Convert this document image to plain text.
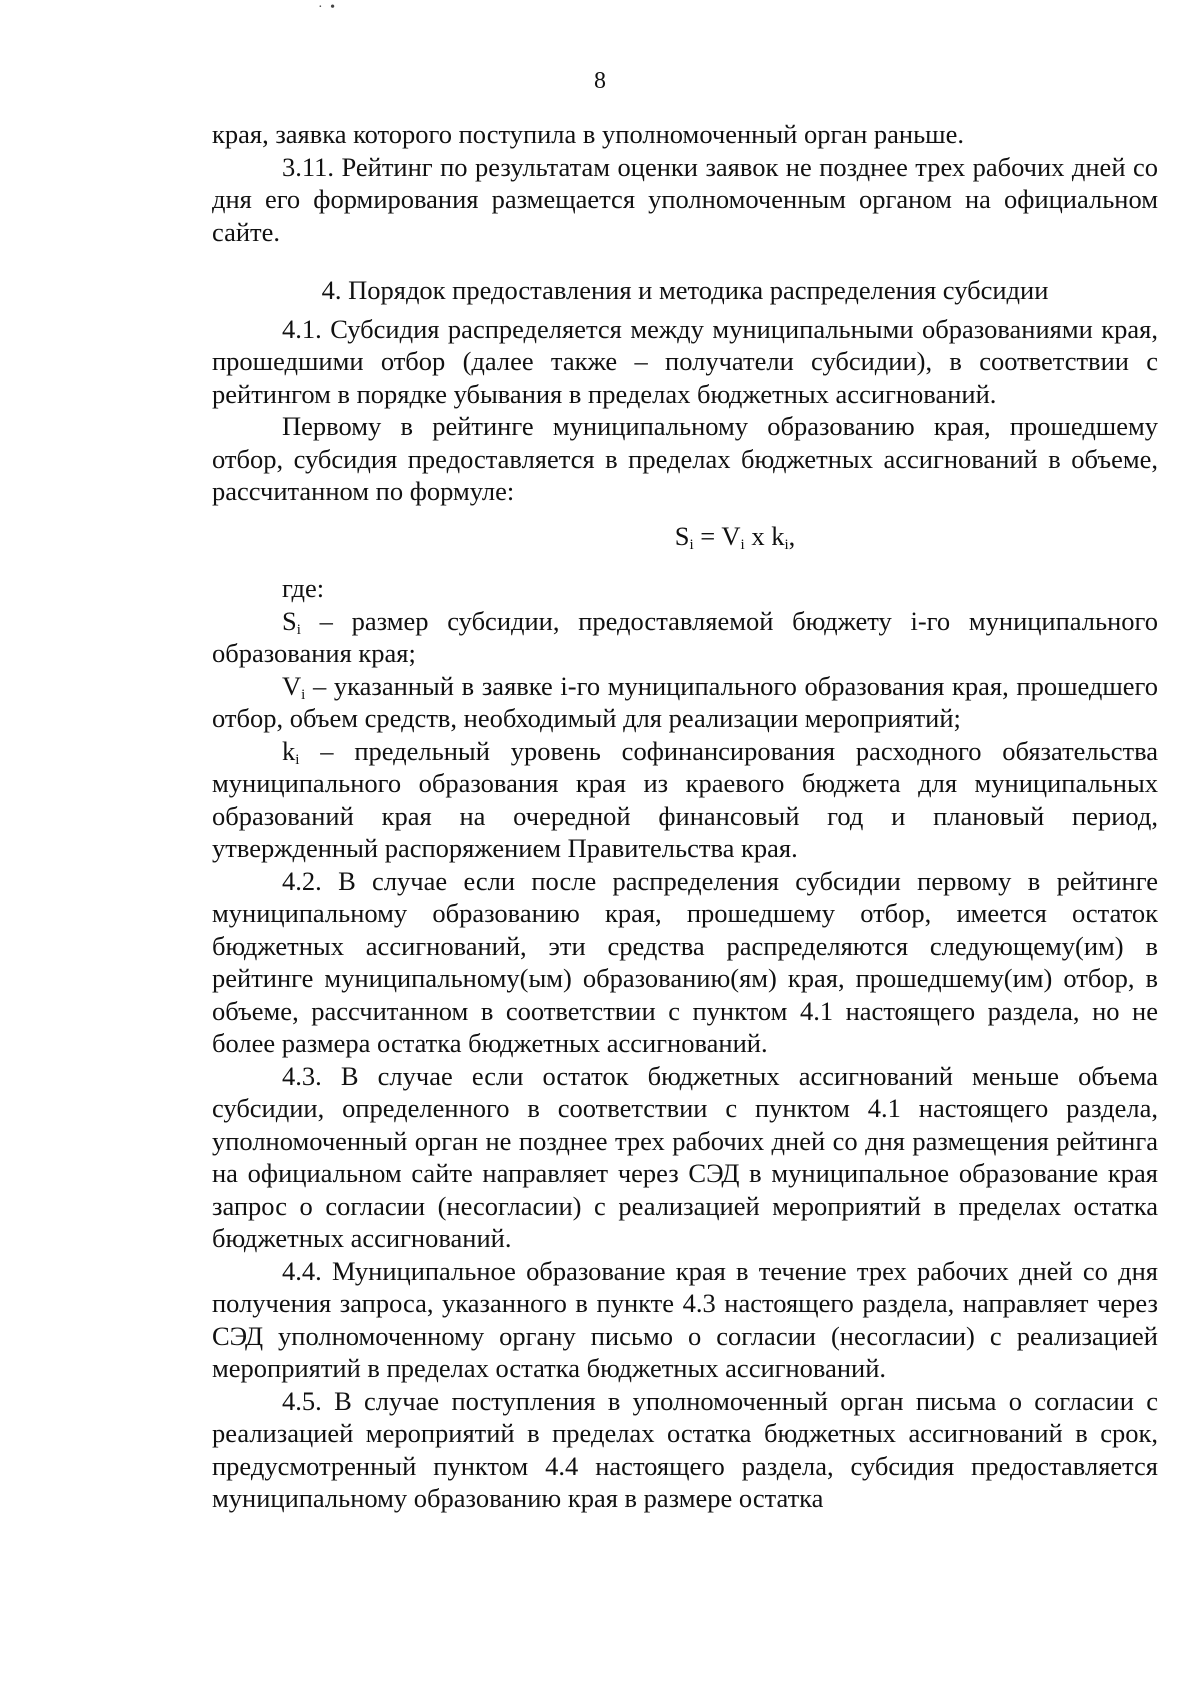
· •
8

края, заявка которого поступила в уполномоченный орган раньше.

3.11. Рейтинг по результатам оценки заявок не позднее трех рабочих дней со дня его формирования размещается уполномоченным органом на официальном сайте.

4. Порядок предоставления и методика распределения субсидии

4.1. Субсидия распределяется между муниципальными образованиями края, прошедшими отбор (далее также – получатели субсидии), в соответствии с рейтингом в порядке убывания в пределах бюджетных ассигнований.

Первому в рейтинге муниципальному образованию края, прошедшему отбор, субсидия предоставляется в пределах бюджетных ассигнований в объеме, рассчитанном по формуле:

$S_i = V_i$ x $k_i$,

где:

$S_i$ – размер субсидии, предоставляемой бюджету i-го муниципального образования края;

$V_i$ – указанный в заявке i-го муниципального образования края, прошедшего отбор, объем средств, необходимый для реализации мероприятий;

$k_i$ – предельный уровень софинансирования расходного обязательства муниципального образования края из краевого бюджета для муниципальных образований края на очередной финансовый год и плановый период, утвержденный распоряжением Правительства края.

4.2. В случае если после распределения субсидии первому в рейтинге муниципальному образованию края, прошедшему отбор, имеется остаток бюджетных ассигнований, эти средства распределяются следующему(им) в рейтинге муниципальному(ым) образованию(ям) края, прошедшему(им) отбор, в объеме, рассчитанном в соответствии с пунктом 4.1 настоящего раздела, но не более размера остатка бюджетных ассигнований.

4.3. В случае если остаток бюджетных ассигнований меньше объема субсидии, определенного в соответствии с пунктом 4.1 настоящего раздела, уполномоченный орган не позднее трех рабочих дней со дня размещения рейтинга на официальном сайте направляет через СЭД в муниципальное образование края запрос о согласии (несогласии) с реализацией мероприятий в пределах остатка бюджетных ассигнований.

4.4. Муниципальное образование края в течение трех рабочих дней со дня получения запроса, указанного в пункте 4.3 настоящего раздела, направляет через СЭД уполномоченному органу письмо о согласии (несогласии) с реализацией мероприятий в пределах остатка бюджетных ассигнований.

4.5. В случае поступления в уполномоченный орган письма о согласии с реализацией мероприятий в пределах остатка бюджетных ассигнований в срок, предусмотренный пунктом 4.4 настоящего раздела, субсидия предоставляется муниципальному образованию края в размере остатка
